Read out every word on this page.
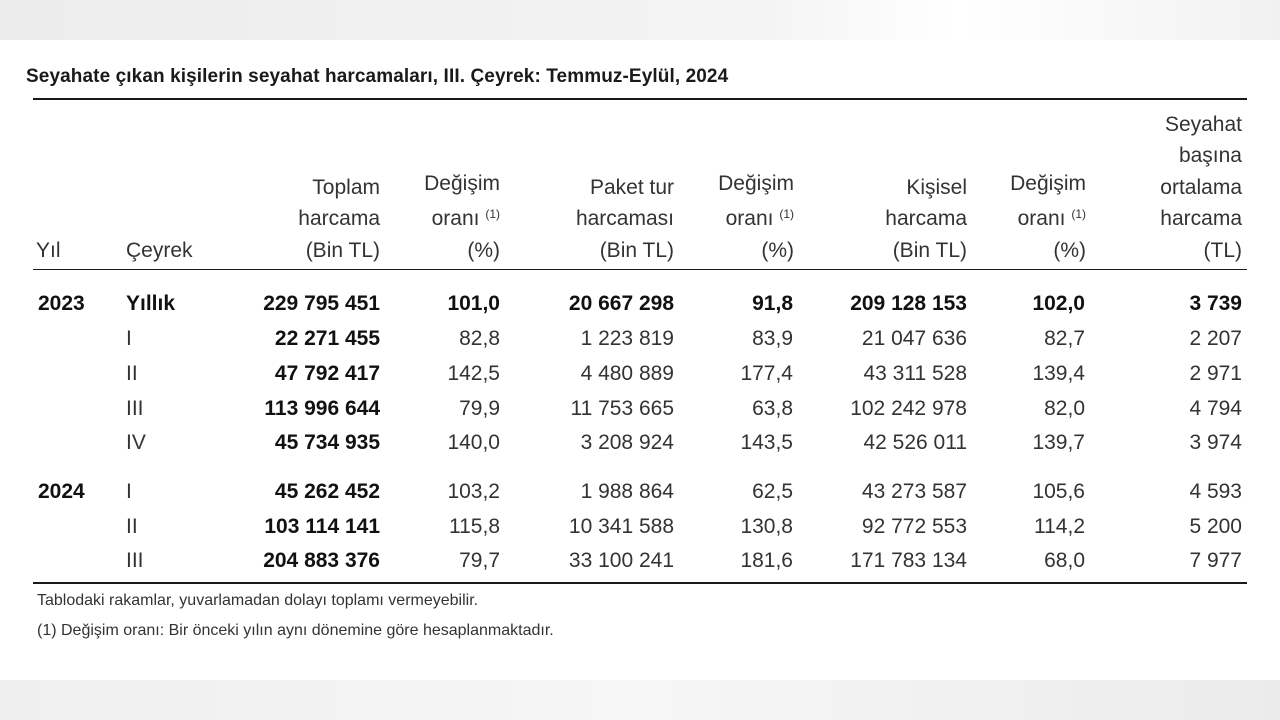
Seyahate çıkan kişilerin seyahat harcamaları, III. Çeyrek: Temmuz-Eylül, 2024
Yıl	Çeyrek
Toplam
harcama
(Bin TL)
Değişim
oranı $^{(1)}$
(%)
Paket tur
harcaması
(Bin TL)
Değişim
oranı $^{(1)}$
(%)
Kişisel
harcama
(Bin TL)
Değişim
oranı $^{(1)}$
(%)
Seyahat
başına
ortalama
harcama
(TL)
2023 Yıllık	229 795 451	101,0	20 667 298	91,8	209 128 153	102,0	3 739
I	22 271 455	82,8	1 223 819	83,9	21 047 636	82,7	2 207
II	47 792 417	142,5	4 480 889	177,4	43 311 528	139,4	2 971
III	113 996 644	79,9	11 753 665	63,8	102 242 978	82,0	4 794
IV	45 734 935	140,0	3 208 924	143,5	42 526 011	139,7	3 974
2024 I	45 262 452	103,2	1 988 864	62,5	43 273 587	105,6	4 593
II	103 114 141	115,8	10 341 588	130,8	92 772 553	114,2	5 200
III	204 883 376	79,7	33 100 241	181,6	171 783 134	68,0	7 977
Tablodaki rakamlar, yuvarlamadan dolayı toplamı vermeyebilir.
(1) Değişim oranı: Bir önceki yılın aynı dönemine göre hesaplanmaktadır.
